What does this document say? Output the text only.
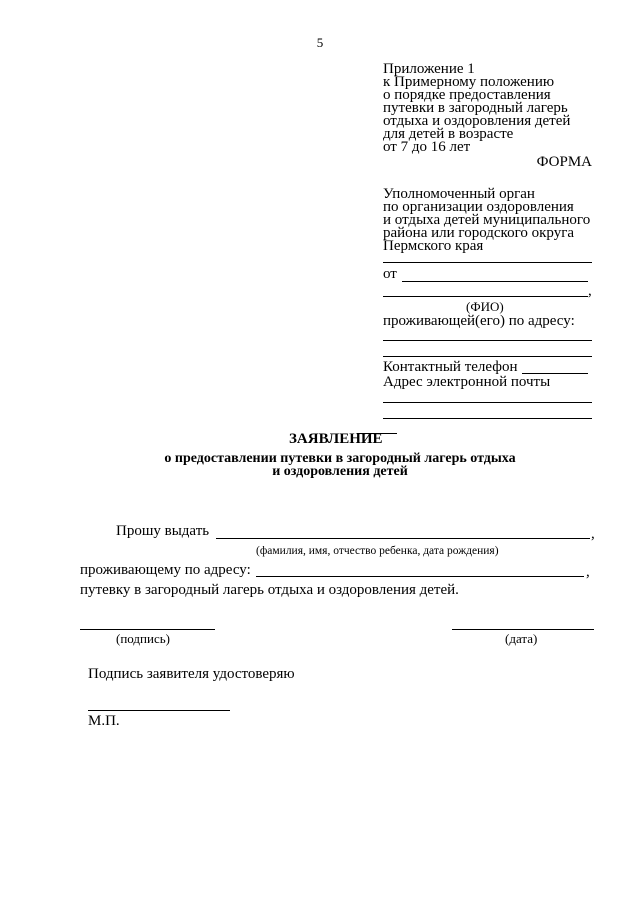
5
Приложение 1
к Примерному положению
о порядке предоставления
путевки в загородный лагерь
отдыха и оздоровления детей
для детей в возрасте
от 7 до 16 лет
ФОРМА
Уполномоченный орган
по организации оздоровления
и отдыха детей муниципального
района или городского округа
Пермского края
от
,
(ФИО)
проживающей(его) по адресу:
Контактный телефон
Адрес электронной почты
ЗАЯВЛЕНИЕ
о предоставлении путевки в загородный лагерь отдыха
и оздоровления детей
Прошу выдать	,
(фамилия, имя, отчество ребенка, дата рождения)
проживающему по адресу:	,
путевку в загородный лагерь отдыха и оздоровления детей.
(подпись)	(дата)
Подпись заявителя удостоверяю
М.П.
